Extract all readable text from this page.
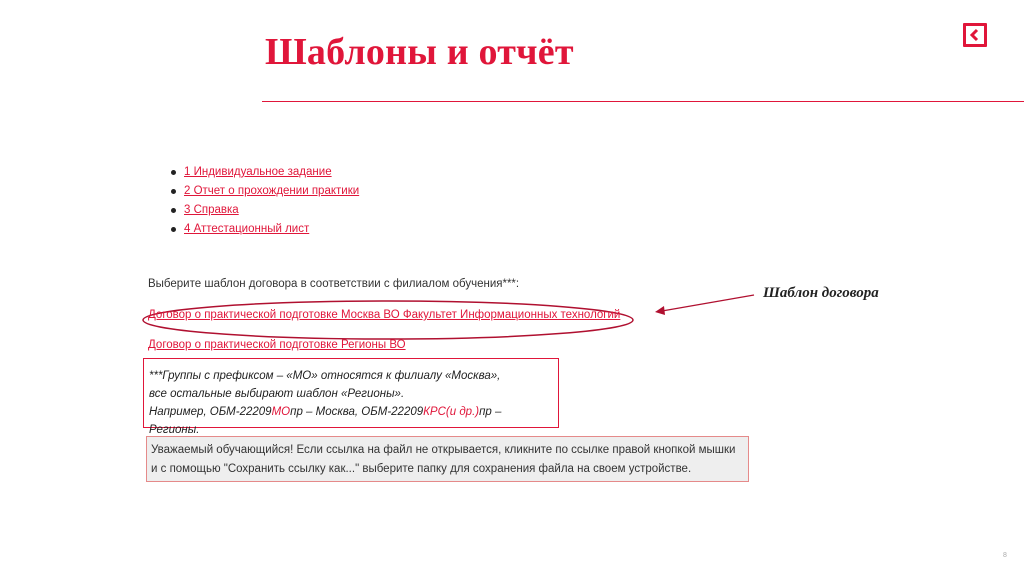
Шаблоны и отчёт
1 Индивидуальное задание
2 Отчет о прохождении практики
3 Справка
4 Аттестационный лист

Выберите шаблон договора в соответствии с филиалом обучения***:

Договор о практической подготовке Москва ВО Факультет Информационных технологий
Договор о практической подготовке Регионы ВО
Шаблон договора
***Группы с префиксом – «МО» относятся к филиалу «Москва»,
все остальные выбирают шаблон «Регионы».
Например, ОБМ-22209МОпр – Москва, ОБМ-22209КРС(и др.)пр – Регионы.
Уважаемый обучающийся! Если ссылка на файл не открывается, кликните по ссылке правой кнопкой мышки
и с помощью "Сохранить ссылку как..." выберите папку для сохранения файла на своем устройстве.
8
